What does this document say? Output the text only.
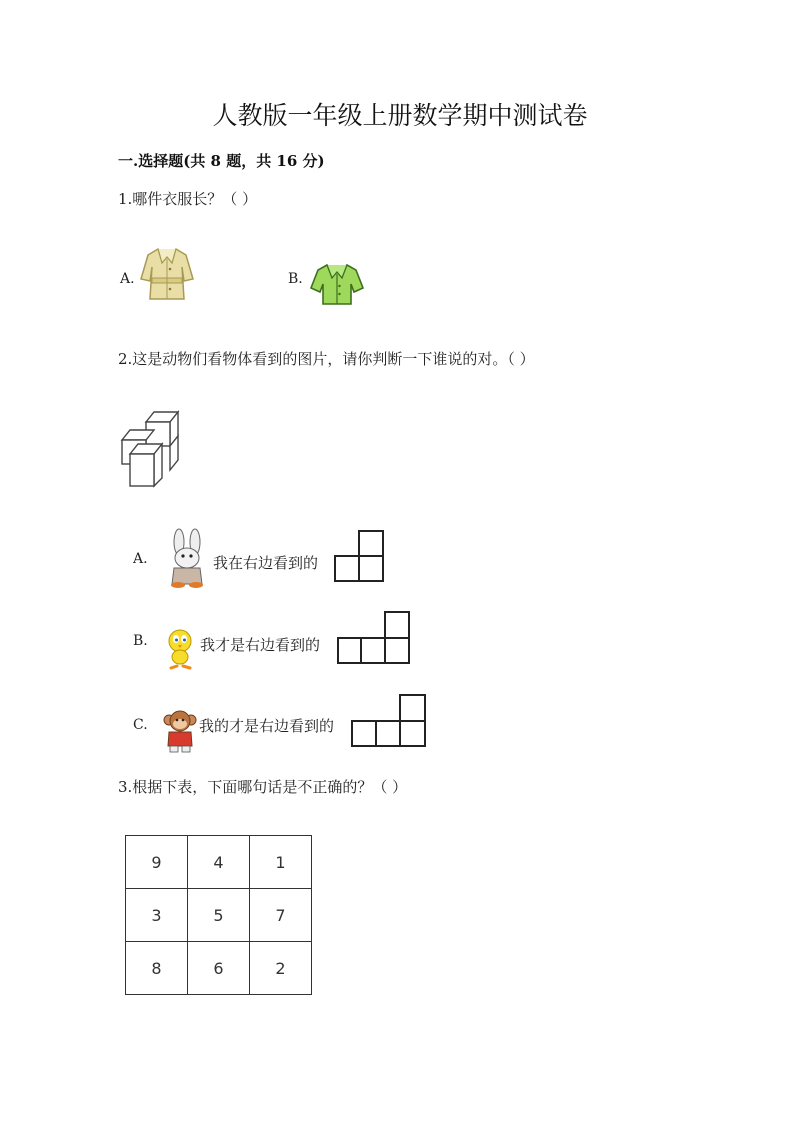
人教版一年级上册数学期中测试卷
一.选择题(共 8 题，共 16 分)
1.哪件衣服长？（ ）
A.	B.
2.这是动物们看物体看到的图片，请你判断一下谁说的对。（ ）
A.	我在右边看到的
B.	我才是右边看到的
C.	我的才是右边看到的
3.根据下表，下面哪句话是不正确的？（ ）
9	4	1
3	5	7
8	6	2
